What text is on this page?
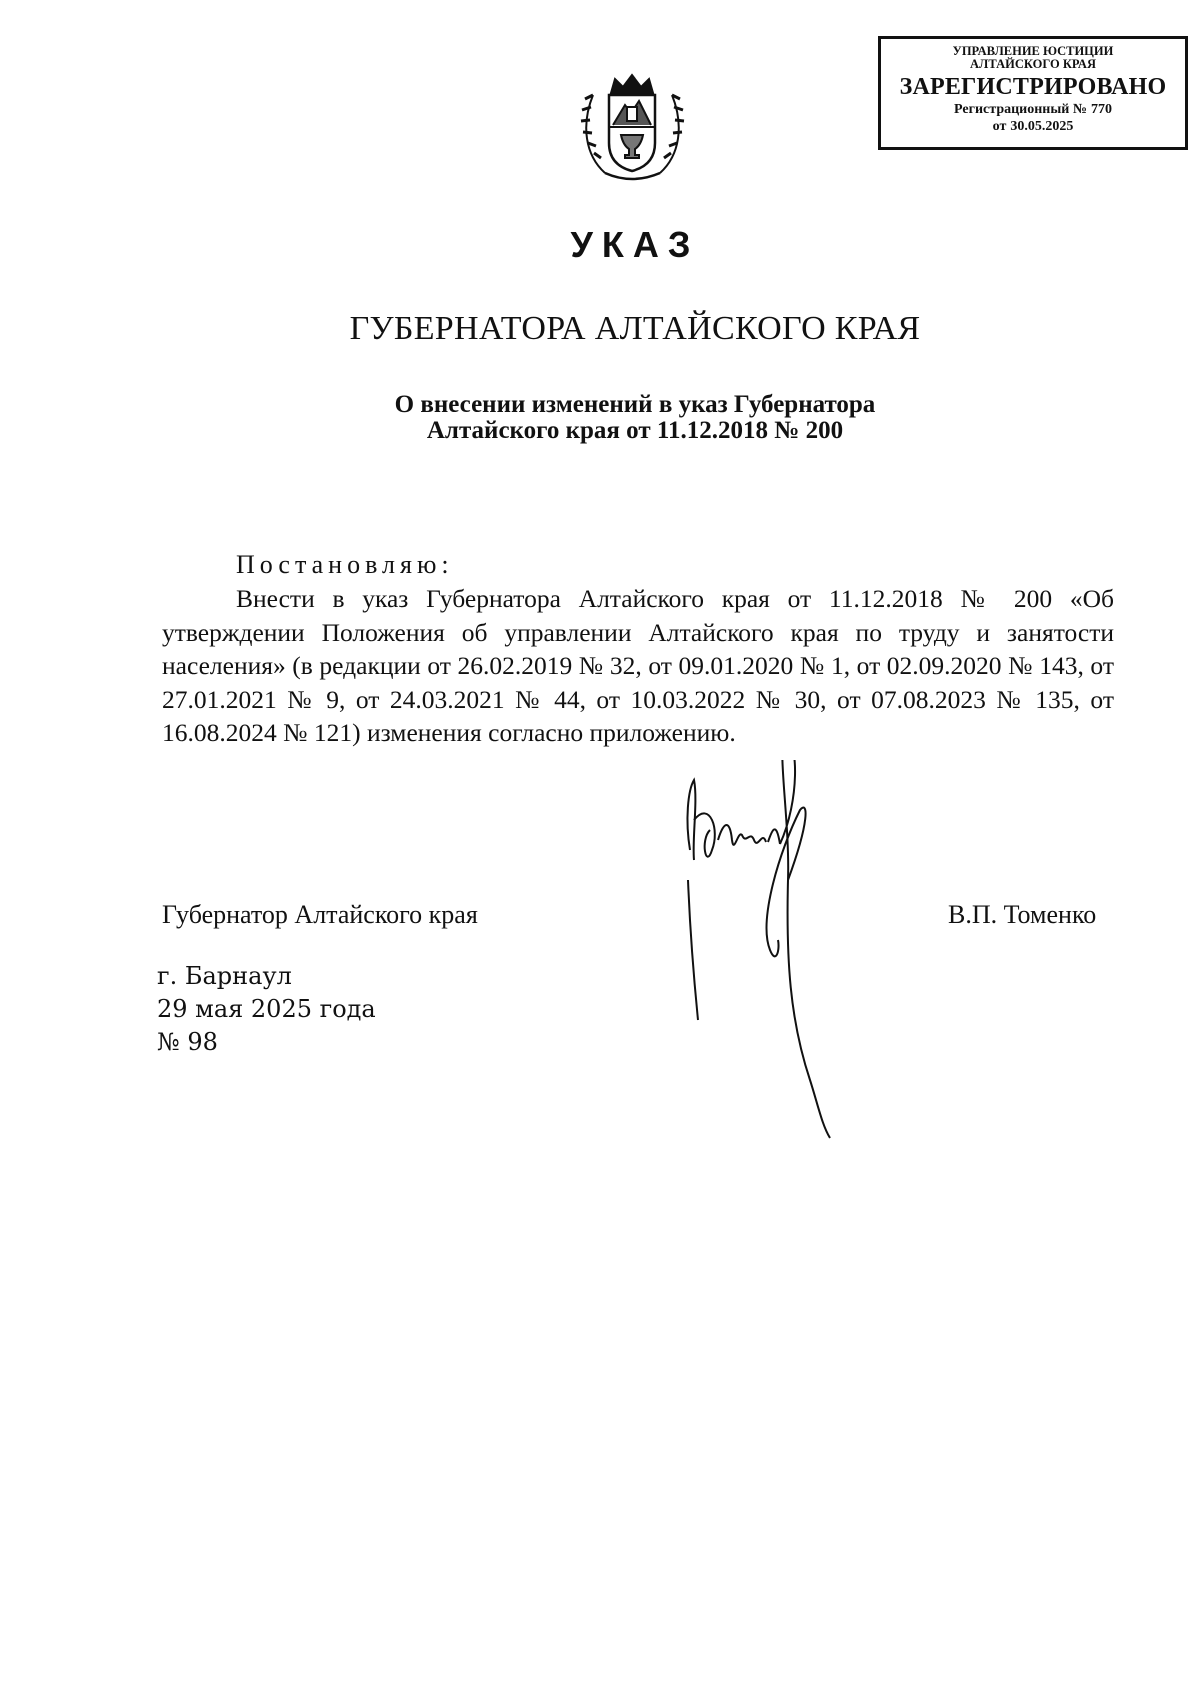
УПРАВЛЕНИЕ ЮСТИЦИИ
АЛТАЙСКОГО КРАЯ
ЗАРЕГИСТРИРОВАНО
Регистрационный № 770
от 30.05.2025
УКАЗ
ГУБЕРНАТОРА АЛТАЙСКОГО КРАЯ
О внесении изменений в указ Губернатора
Алтайского края от 11.12.2018 № 200
Постановляю:
Внести в указ Губернатора Алтайского края от 11.12.2018 № 200 «Об утверждении Положения об управлении Алтайского края по труду и занятости населения» (в редакции от 26.02.2019 № 32, от 09.01.2020 № 1, от 02.09.2020 № 143, от 27.01.2021 № 9, от 24.03.2021 № 44, от 10.03.2022 № 30, от 07.08.2023 № 135, от 16.08.2024 № 121) изменения согласно приложению.
Губернатор Алтайского края	В.П. Томенко
г. Барнаул
29 мая 2025 года
№ 98
